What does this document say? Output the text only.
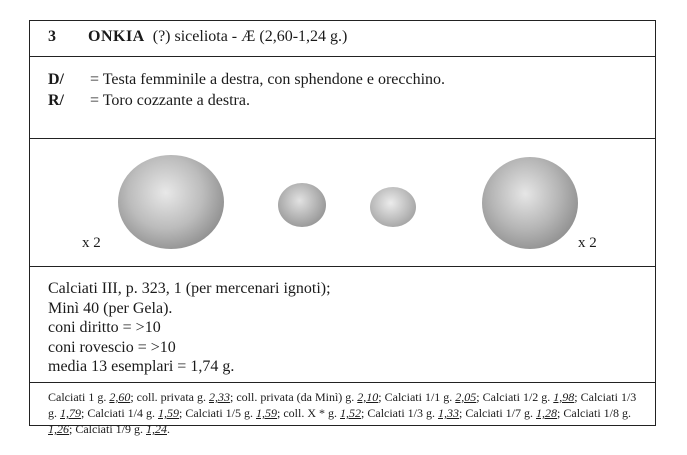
3 ONKIA (?) siceliota - Æ (2,60-1,24 g.)
D/ = Testa femminile a destra, con sphendone e orecchino.
R/ = Toro cozzante a destra.
x 2	x 2
Calciati III, p. 323, 1 (per mercenari ignoti);
Minì 40 (per Gela).
coni diritto = >10
coni rovescio = >10
media 13 esemplari = 1,74 g.
Calciati 1 g. 2,60; coll. privata g. 2,33; coll. privata (da Minì) g. 2,10; Calciati 1/1 g. 2,05; Calciati 1/2 g. 1,98; Calciati 1/3 g. 1,79; Calciati 1/4 g. 1,59; Calciati 1/5 g. 1,59; coll. X * g. 1,52; Calciati 1/3 g. 1,33; Calciati 1/7 g. 1,28; Calciati 1/8 g. 1,26; Calciati 1/9 g. 1,24.
